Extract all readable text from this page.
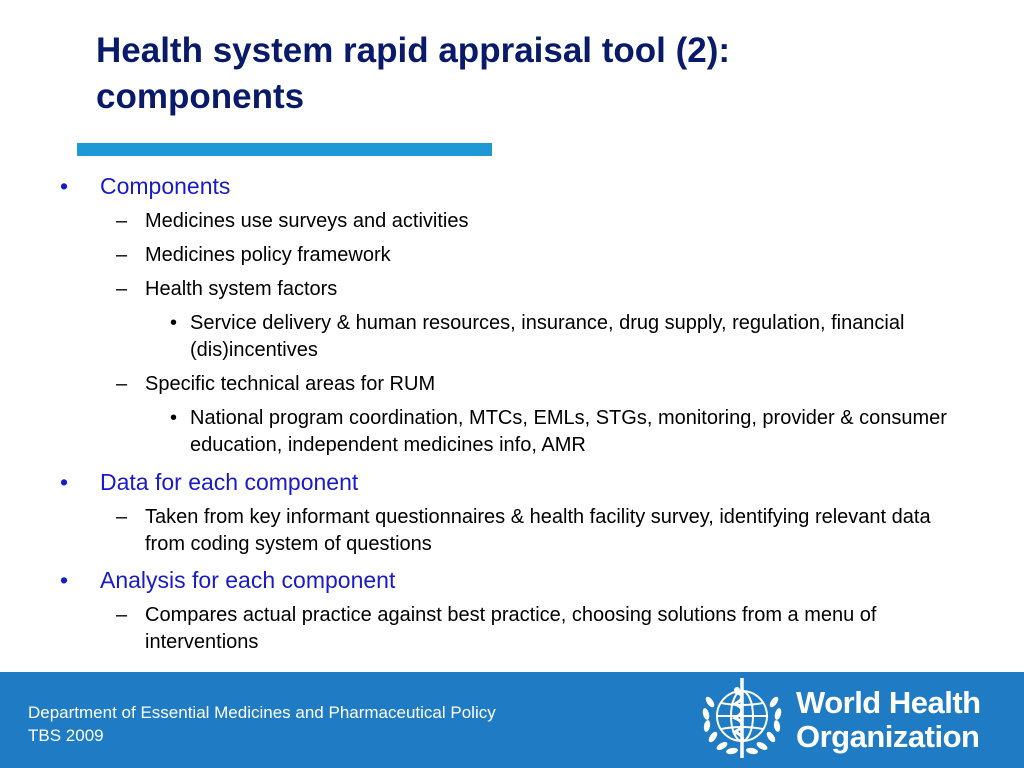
Health system rapid appraisal tool (2):
components
• Components
– Medicines use surveys and activities
– Medicines policy framework
– Health system factors
• Service delivery & human resources, insurance, drug supply, regulation, financial (dis)incentives
– Specific technical areas for RUM
• National program coordination, MTCs, EMLs, STGs, monitoring, provider & consumer education, independent medicines info, AMR
• Data for each component
– Taken from key informant questionnaires & health facility survey, identifying relevant data from coding system of questions
• Analysis for each component
– Compares actual practice against best practice, choosing solutions from a menu of interventions
Department of Essential Medicines and Pharmaceutical Policy
TBS 2009
World Health
Organization
